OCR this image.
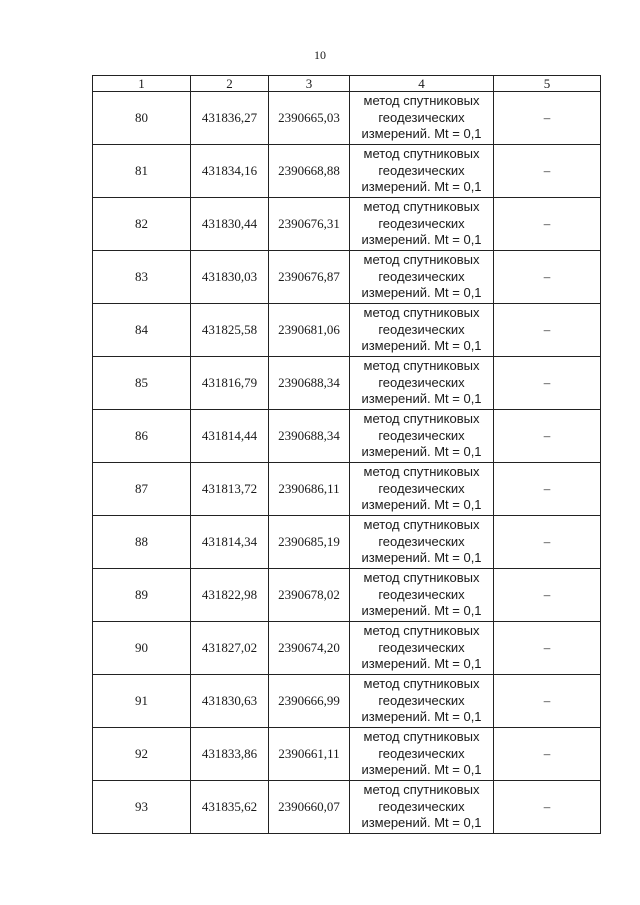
10
1	2	3	4	5
80	431836,27	2390665,03	метод спутниковых
геодезических
измерений. Mt = 0,1	–
81	431834,16	2390668,88	метод спутниковых
геодезических
измерений. Mt = 0,1	–
82	431830,44	2390676,31	метод спутниковых
геодезических
измерений. Mt = 0,1	–
83	431830,03	2390676,87	метод спутниковых
геодезических
измерений. Mt = 0,1	–
84	431825,58	2390681,06	метод спутниковых
геодезических
измерений. Mt = 0,1	–
85	431816,79	2390688,34	метод спутниковых
геодезических
измерений. Mt = 0,1	–
86	431814,44	2390688,34	метод спутниковых
геодезических
измерений. Mt = 0,1	–
87	431813,72	2390686,11	метод спутниковых
геодезических
измерений. Mt = 0,1	–
88	431814,34	2390685,19	метод спутниковых
геодезических
измерений. Mt = 0,1	–
89	431822,98	2390678,02	метод спутниковых
геодезических
измерений. Mt = 0,1	–
90	431827,02	2390674,20	метод спутниковых
геодезических
измерений. Mt = 0,1	–
91	431830,63	2390666,99	метод спутниковых
геодезических
измерений. Mt = 0,1	–
92	431833,86	2390661,11	метод спутниковых
геодезических
измерений. Mt = 0,1	–
93	431835,62	2390660,07	метод спутниковых
геодезических
измерений. Mt = 0,1	–
